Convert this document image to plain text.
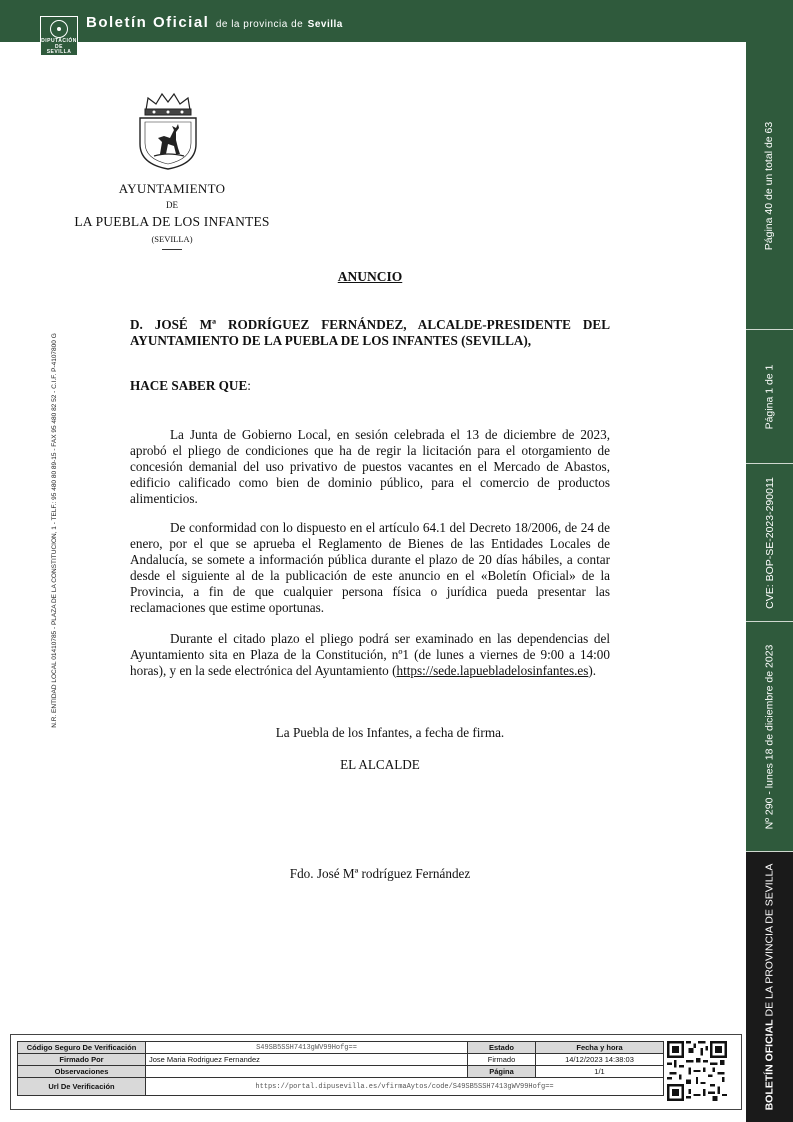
DIPUTACIÓN
DE
SEVILLA
Boletín Oficial de la provincia de Sevilla
Página 40 de un total de 63
Página 1 de 1
CVE: BOP-SE-2023-290011
Nº 290 - lunes 18 de diciembre de 2023
BOLETÍN OFICIAL DE LA PROVINCIA DE SEVILLA
N.R. ENTIDAD LOCAL 01410785 - PLAZA DE LA CONSTITUCION, 1 - TELF.: 95 480 80 89-15 - FAX 95 480 82 52 - C.I.F. P-4107800 G
AYUNTAMIENTO
DE
LA PUEBLA DE LOS INFANTES
(SEVILLA)
ANUNCIO
D. JOSÉ Mª RODRÍGUEZ FERNÁNDEZ, ALCALDE-PRESIDENTE DEL AYUNTAMIENTO DE LA PUEBLA DE LOS INFANTES (SEVILLA),
HACE SABER QUE:
La Junta de Gobierno Local, en sesión celebrada el 13 de diciembre de 2023, aprobó el pliego de condiciones que ha de regir la licitación para el otorgamiento de concesión demanial del uso privativo de puestos vacantes en el Mercado de Abastos, edificio calificado como bien de dominio público, para el comercio de productos alimenticios.
De conformidad con lo dispuesto en el artículo 64.1 del Decreto 18/2006, de 24 de enero, por el que se aprueba el Reglamento de Bienes de las Entidades Locales de Andalucía, se somete a información pública durante el plazo de 20 días hábiles, a contar desde el siguiente al de la publicación de este anuncio en el «Boletín Oficial» de la Provincia, a fin de que cualquier persona física o jurídica pueda presentar las reclamaciones que estime oportunas.
Durante el citado plazo el pliego podrá ser examinado en las dependencias del Ayuntamiento sita en Plaza de la Constitución, nº1 (de lunes a viernes de 9:00 a 14:00 horas), y en la sede electrónica del Ayuntamiento (https://sede.lapuebladelosinfantes.es).
La Puebla de los Infantes, a fecha de firma.
EL ALCALDE
Fdo. José Mª rodríguez Fernández
Código Seguro De Verificación	S49SB5SSH7413gWV99Hofg==	Estado	Fecha y hora
Firmado Por	Jose Maria Rodriguez Fernandez	Firmado	14/12/2023 14:38:03
Observaciones		Página	1/1
Url De Verificación	https://portal.dipusevilla.es/vfirmaAytos/code/S49SB5SSH7413gWV99Hofg==		
